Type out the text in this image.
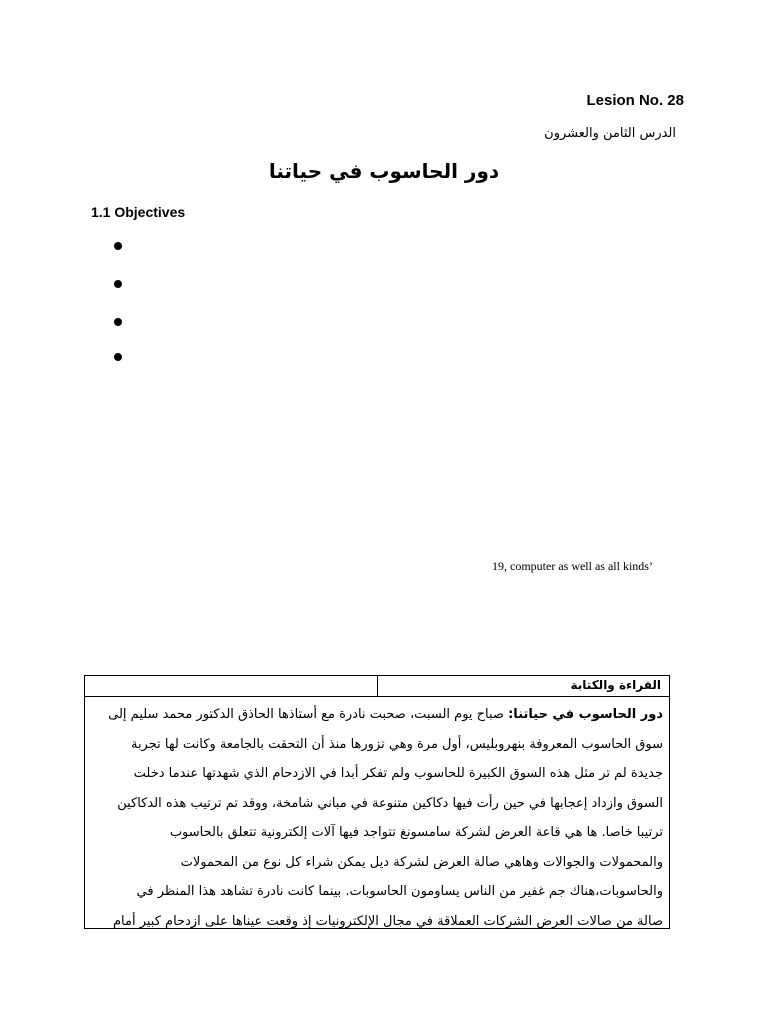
Lesion No. 28
الدرس الثامن والعشرون
دور الحاسوب في حياتنا
1.1 Objectives
19, computer as well as all kinds’
القراءة والكتابة
دور الحاسوب في حياتنا: صباح يوم السبت، صحبت نادرة مع أستاذها الحاذق الدكتور محمد سليم إلى
سوق الحاسوب المعروفة بنهروبليس، أول مرة وهي تزورها منذ أن التحقت بالجامعة وكانت لها تجربة
جديدة لم تر مثل هذه السوق الكبيرة للحاسوب ولم تفكر أبدا في الازدحام الذي شهدتها عندما دخلت
السوق وازداد إعجابها في حين رأت فيها دكاكين متنوعة في مباني شامخة، ووقد تم ترتيب هذه الدكاكين
ترتيبا خاصا. ها هي قاعة العرض لشركة سامسونغ تتواجد فيها آلات إلكترونية تتعلق بالحاسوب
والمحمولات والجوالات وهاهي صالة العرض لشركة ديل يمكن شراء كل نوع من المحمولات
والحاسوبات،هناك جم غفير من الناس يساومون الحاسوبات. بينما كانت نادرة تشاهد هذا المنظر في
صالة من صالات العرض الشركات العملاقة في مجال الإلكترونيات إذ وقعت عيناها على ازدحام كبير أمام
